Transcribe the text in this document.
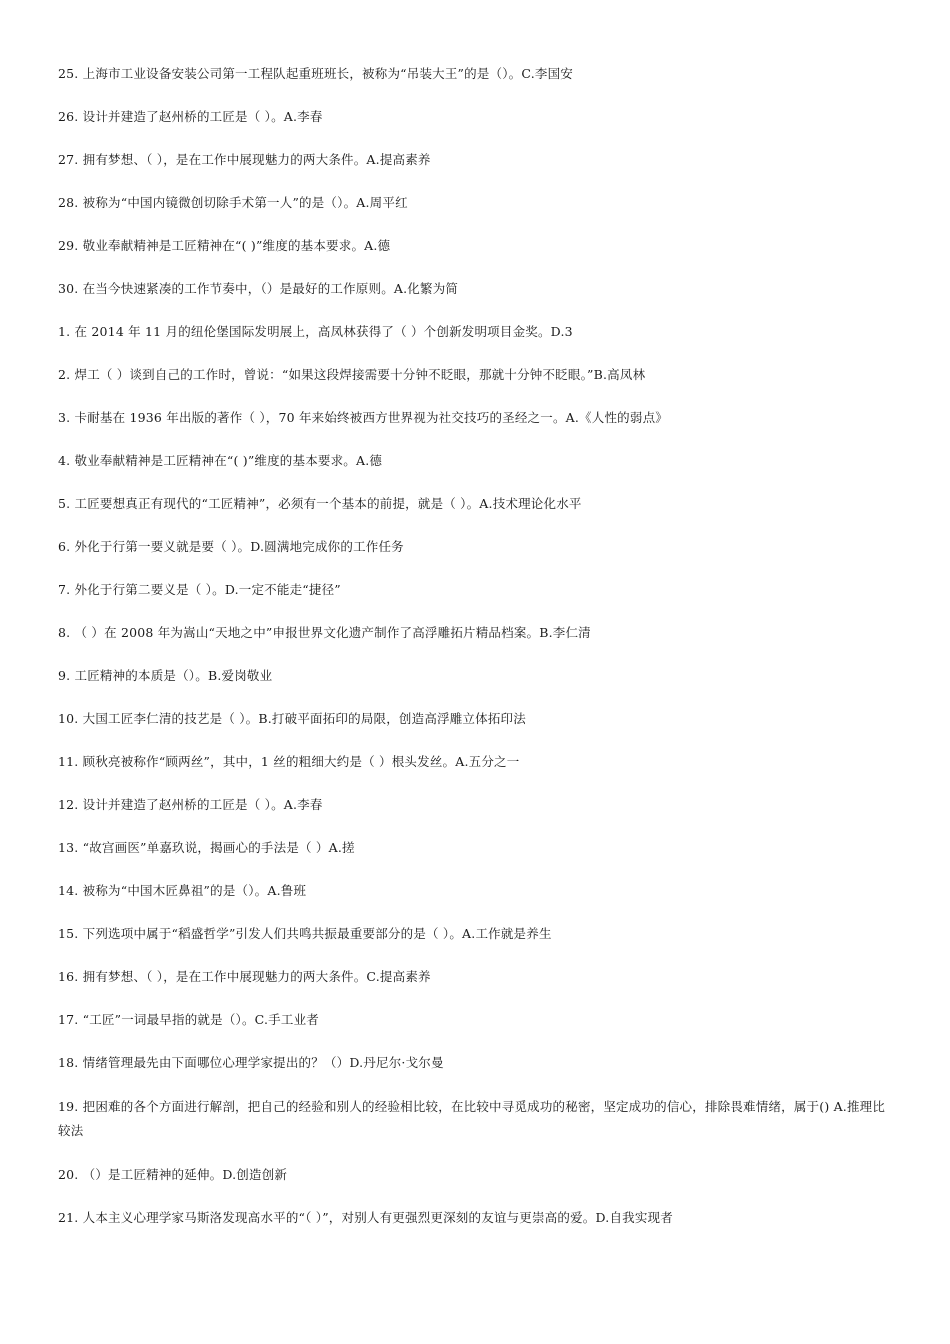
25. 上海市工业设备安装公司第一工程队起重班班长，被称为“吊装大王”的是（）。C.李国安

26. 设计并建造了赵州桥的工匠是（ ）。A.李春

27. 拥有梦想、（ ），是在工作中展现魅力的两大条件。A.提高素养

28. 被称为“中国内镜微创切除手术第一人”的是（）。A.周平红

29. 敬业奉献精神是工匠精神在“( )”维度的基本要求。A.德

30. 在当今快速紧凑的工作节奏中，（）是最好的工作原则。A.化繁为简

1. 在 2014 年 11 月的纽伦堡国际发明展上，高凤林获得了（ ）个创新发明项目金奖。D.3

2. 焊工（ ）谈到自己的工作时，曾说：“如果这段焊接需要十分钟不眨眼，那就十分钟不眨眼。”B.高凤林

3. 卡耐基在 1936 年出版的著作（ ），70 年来始终被西方世界视为社交技巧的圣经之一。A.《人性的弱点》

4. 敬业奉献精神是工匠精神在“( )”维度的基本要求。A.德

5. 工匠要想真正有现代的“工匠精神”，必须有一个基本的前提，就是（ ）。A.技术理论化水平

6. 外化于行第一要义就是要（ ）。D.圆满地完成你的工作任务

7. 外化于行第二要义是（ ）。D.一定不能走“捷径”

8. （ ）在 2008 年为嵩山“天地之中”申报世界文化遗产制作了高浮雕拓片精品档案。B.李仁清

9. 工匠精神的本质是（）。B.爱岗敬业

10. 大国工匠李仁清的技艺是（ ）。B.打破平面拓印的局限，创造高浮雕立体拓印法

11. 顾秋亮被称作“顾两丝”，其中，1 丝的粗细大约是（ ）根头发丝。A.五分之一

12. 设计并建造了赵州桥的工匠是（ ）。A.李春

13. “故宫画医”单嘉玖说，揭画心的手法是（ ）A.搓

14. 被称为“中国木匠鼻祖”的是（）。A.鲁班

15. 下列选项中属于“稻盛哲学”引发人们共鸣共振最重要部分的是（ ）。A.工作就是养生

16. 拥有梦想、（ ），是在工作中展现魅力的两大条件。C.提高素养

17. “工匠”一词最早指的就是（）。C.手工业者

18. 情绪管理最先由下面哪位心理学家提出的？（）D.丹尼尔·戈尔曼

19. 把困难的各个方面进行解剖，把自己的经验和别人的经验相比较，在比较中寻觅成功的秘密，坚定成功的信心，排除畏难情绪，属于() A.推理比较法

20. （）是工匠精神的延伸。D.创造创新

21. 人本主义心理学家马斯洛发现高水平的“（ ）”，对别人有更强烈更深刻的友谊与更崇高的爱。D.自我实现者
